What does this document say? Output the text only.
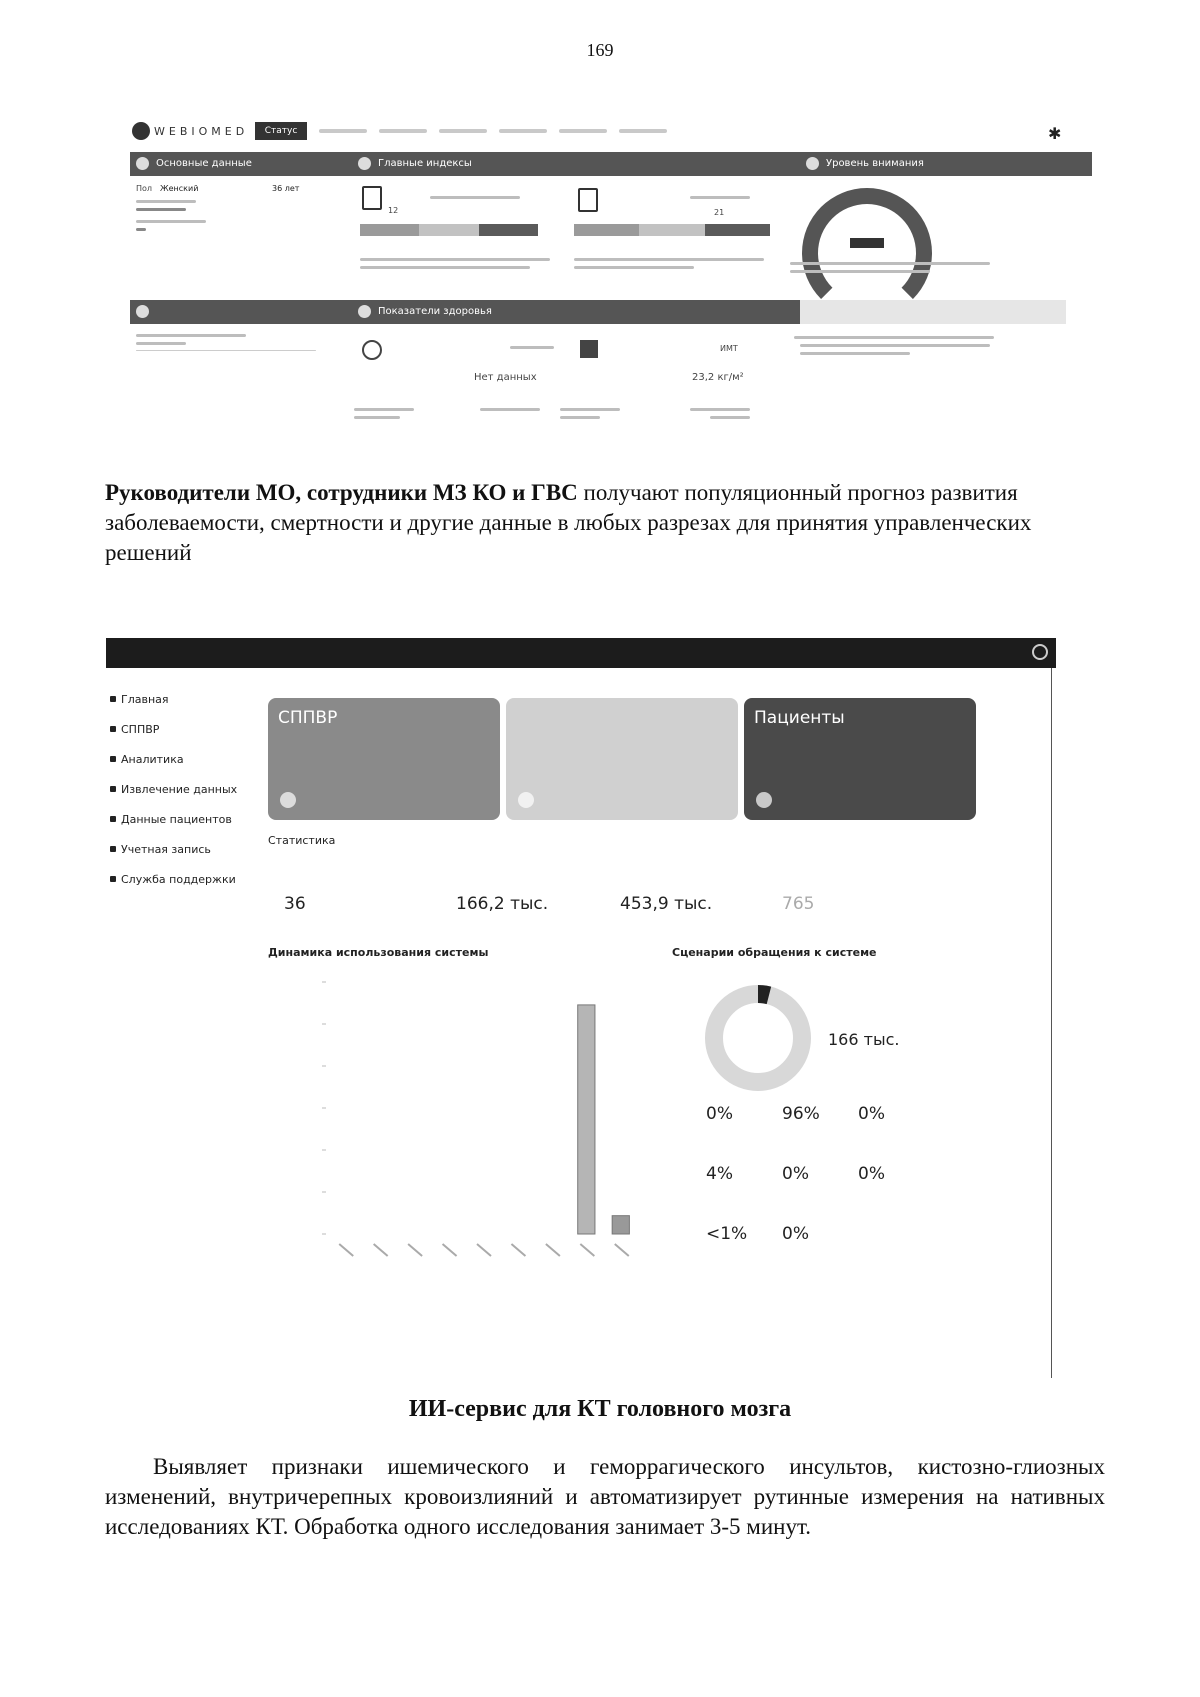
169
WEBIOMED	Статус	✱
Основные данные	Главные индексы	Уровень внимания
Пол Женский	36 лет
12	21
Показатели здоровья
ИМТ
Нет данных	23,2 кг/м²
Руководители МО, сотрудники МЗ КО и ГВС получают популяционный прогноз развития заболеваемости, смертности и другие данные в любых разрезах для принятия управленческих решений
Главная
СППВР
Аналитика
Извлечение данных
Данные пациентов
Учетная запись
Служба поддержки
СППВР	Пациенты
Статистика
36	166,2 тыс.	453,9 тыс.	765
Динамика использования системы	Сценарии обращения к системе
166 тыс.
0%	96% 0%
4%	0%	0%
<1% 0%
ИИ-сервис для КТ головного мозга
Выявляет признаки ишемического и геморрагического инсультов, кистозно-глиозных изменений, внутричерепных кровоизлияний и автоматизирует рутинные измерения на нативных исследованиях КТ. Обработка одного исследования занимает 3-5 минут.
